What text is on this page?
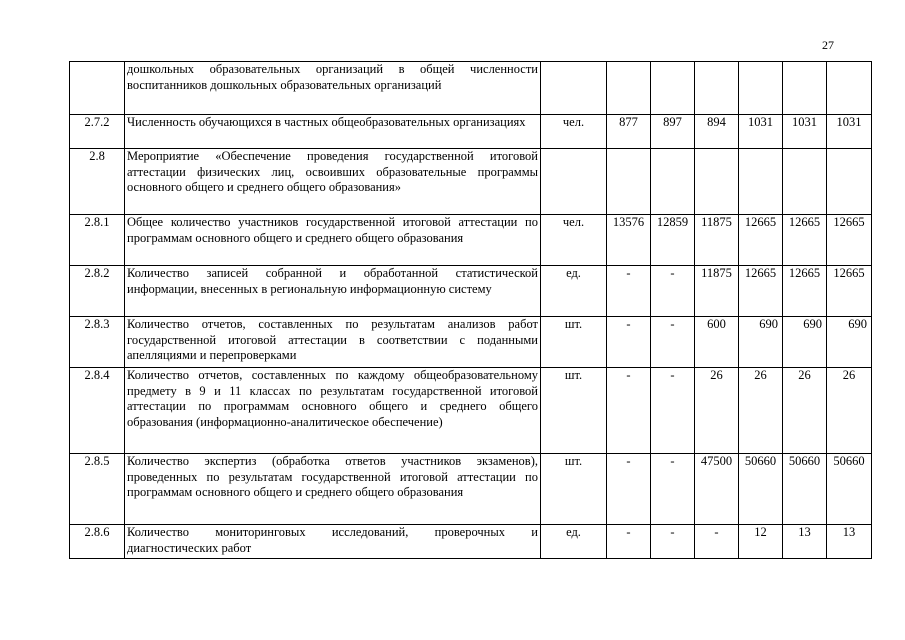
27
	дошкольных образовательных организаций в общей численности воспитанников дошкольных образовательных организаций							
2.7.2	Численность обучающихся в частных общеобразовательных организациях	чел.	877	897	894	1031	1031	1031
2.8	Мероприятие «Обеспечение проведения государственной итоговой аттестации физических лиц, освоивших образовательные программы основного общего и среднего общего образования»							
2.8.1	Общее количество участников государственной итоговой аттестации по программам основного общего и среднего общего образования	чел.	13576	12859	11875	12665	12665	12665
2.8.2	Количество записей собранной и обработанной статистической информации, внесенных в региональную информационную систему	ед.	-	-	11875	12665	12665	12665
2.8.3	Количество отчетов, составленных по результатам анализов работ государственной итоговой аттестации в соответствии с поданными апелляциями и перепроверками	шт.	-	-	600	690	690	690
2.8.4	Количество отчетов, составленных по каждому общеобразовательному предмету в 9 и 11 классах по результатам государственной итоговой аттестации по программам основного общего и среднего общего образования (информационно-аналитическое обеспечение)	шт.	-	-	26	26	26	26
2.8.5	Количество экспертиз (обработка ответов участников экзаменов), проведенных по результатам государственной итоговой аттестации по программам основного общего и среднего общего образования	шт.	-	-	47500	50660	50660	50660
2.8.6	Количество мониторинговых исследований, проверочных и диагностических работ	ед.	-	-	-	12	13	13
